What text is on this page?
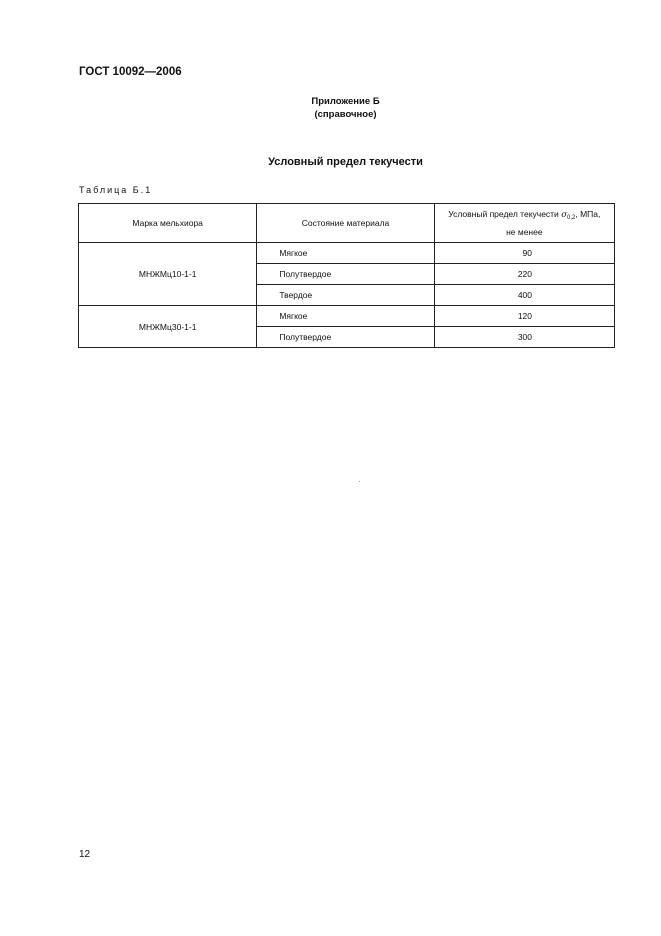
ГОСТ 10092—2006
Приложение Б
(справочное)
Условный предел текучести
Таблица Б.1
Марка мельхиора	Состояние материала	Условный предел текучести $\sigma_{0,2}$, МПа,
не менее
МНЖМц10-1-1	Мягкое	90
	Полутвердое	220
	Твердое	400
МНЖМц30-1-1	Мягкое	120
	Полутвердое	300
12
